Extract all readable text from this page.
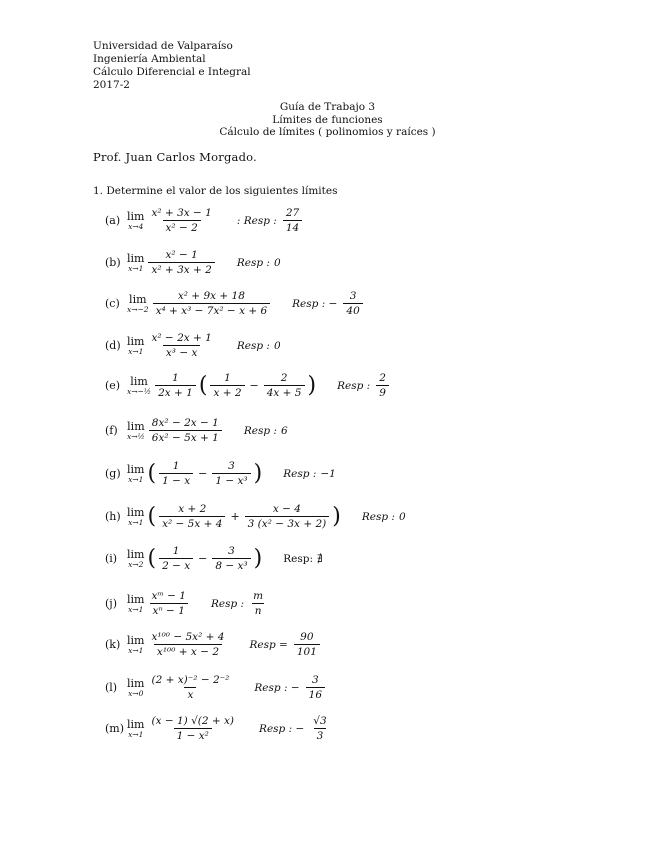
Universidad de Valparaíso
Ingeniería Ambiental
Cálculo Diferencial e Integral
2017-2
Guía de Trabajo 3
Límites de funciones
Cálculo de límites ( polinomios y raíces )
Prof. Juan Carlos Morgado.
1. Determine el valor de los siguientes límites
(a) lim
$x\to 4 \frac{\text{x² + 3x − 1}}{\text{x² − 2}}$ : Resp : $\frac{27}{14}$
(b) lim
$x\to 1 \frac{\text{x² − 1}}{\text{x² + 3x + 2}}$ Resp : 0
(c) lim
$x\to-2 \frac{\text{x² + 9x + 18}}{\text{x⁴ + x³ − 7x² − x + 6}}$ Resp : − $\frac{3}{40}$
(d) lim
$x\to 1 \frac{\text{x² − 2x + 1}}{\text{x³ − x}}$ Resp : 0
(e) lim
x→−½ $\frac{1}{2x + 1}$ ( $\frac{1}{x + 2} - \frac{2}{4x + 5}$ ) Resp : $\frac{2}{9}$
(f) lim
x→½ $\frac{\text{8x² − 2x − 1}}{\text{6x² − 5x + 1}}$ Resp : 6
(g) lim
x→1 ( $\frac{1}{1 - x} - \frac{3}{\text{1 − x³}}$ ) Resp : −1
(h) lim
x→1 ( $\frac{x + 2}{\text{x² − 5x + 4}} + \frac{x - 4}{\text{3 (x² − 3x + 2)}}$ ) Resp : 0
(i) lim
x→2 ( $\frac{1}{2 - x} - \frac{3}{\text{8 − x³}}$ ) Resp: ∄
(j) lim
$x\to 1 \frac{\text{xᵐ − 1}}{\text{xⁿ − 1}}$ Resp : $\frac{m}{n}$
(k) lim
$x\to 1 \frac{\text{x¹⁰⁰ − 5x² + 4}}{\text{x¹⁰⁰ + x − 2}}$ Resp = $\frac{90}{101}$
(l) lim
$x\to 0 \frac{\text{(2 + x)⁻² − 2⁻²}}{x}$ Resp : − $\frac{3}{16}$
(m) lim
$x\to 1 \frac{(x - 1) √(2 + x)}{\text{1 − x²}}$ Resp : − $\frac{√3}{3}$
